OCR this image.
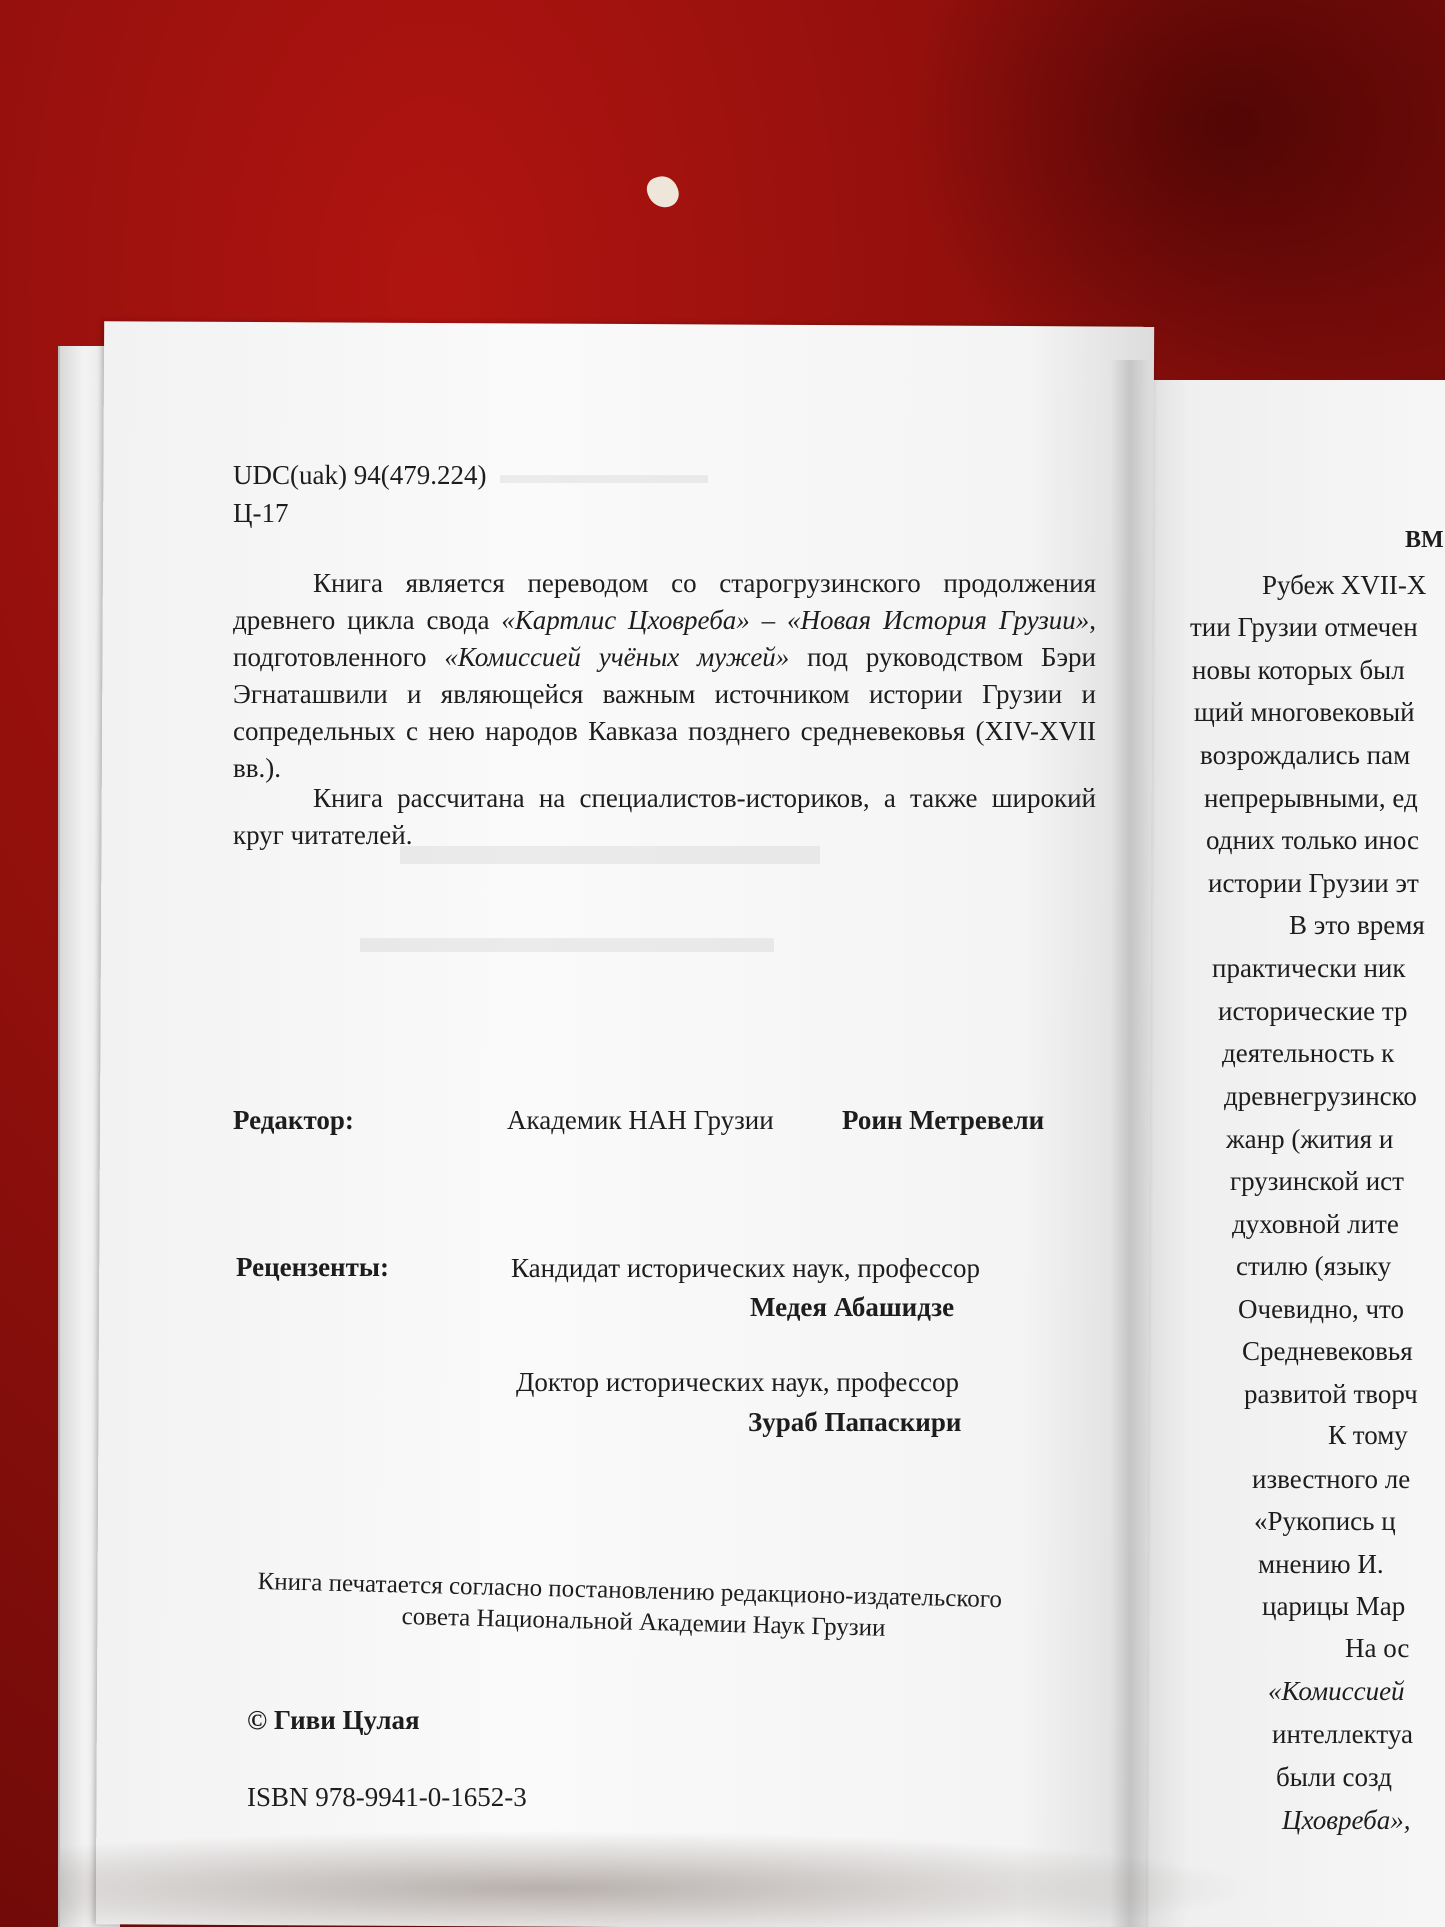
▬▬▬▬▬▬▬▬
▬▬▬▬▬▬▬
▬▬▬▬▬▬▬▬▬
UDC(uak) 94(479.224)
Ц-17
Книга является переводом со старогрузинского продолжения древнего цикла свода «Картлис Цховреба» – «Новая История Грузии», подготовленного «Комиссией учёных мужей» под руководством Бэри Эгнаташвили и являющейся важным источником истории Грузии и сопредельных с нею народов Кавказа позднего средневековья (XIV-XVII вв.).
Книга рассчитана на специалистов-историков, а также широкий круг читателей.
Редактор:	Академик НАН Грузии	Роин Метревели
Рецензенты:	Кандидат исторических наук, профессор
Медея Абашидзе
Доктор исторических наук, профессор
Зураб Папаскири
Книга печатается согласно постановлению редакционо-издательского
совета Национальной Академии Наук Грузии
© Гиви Цулая
ISBN 978-9941-0-1652-3
ВМ
Рубеж XVII-X
тии Грузии отмечен
новы которых был
щий многовековый
возрождались пам
непрерывными, ед
одних только инос
истории Грузии эт
В это время
практически ник
исторические тр
деятельность к
древнегрузинско
жанр (жития и
грузинской ист
духовной лите
стилю (языку
Очевидно, что
Средневековья
развитой творч
К тому
известного ле
«Рукопись ц
мнению И.
царицы Мар
На ос
«Комиссией
интеллектуа
были созд
Цховреба»,
